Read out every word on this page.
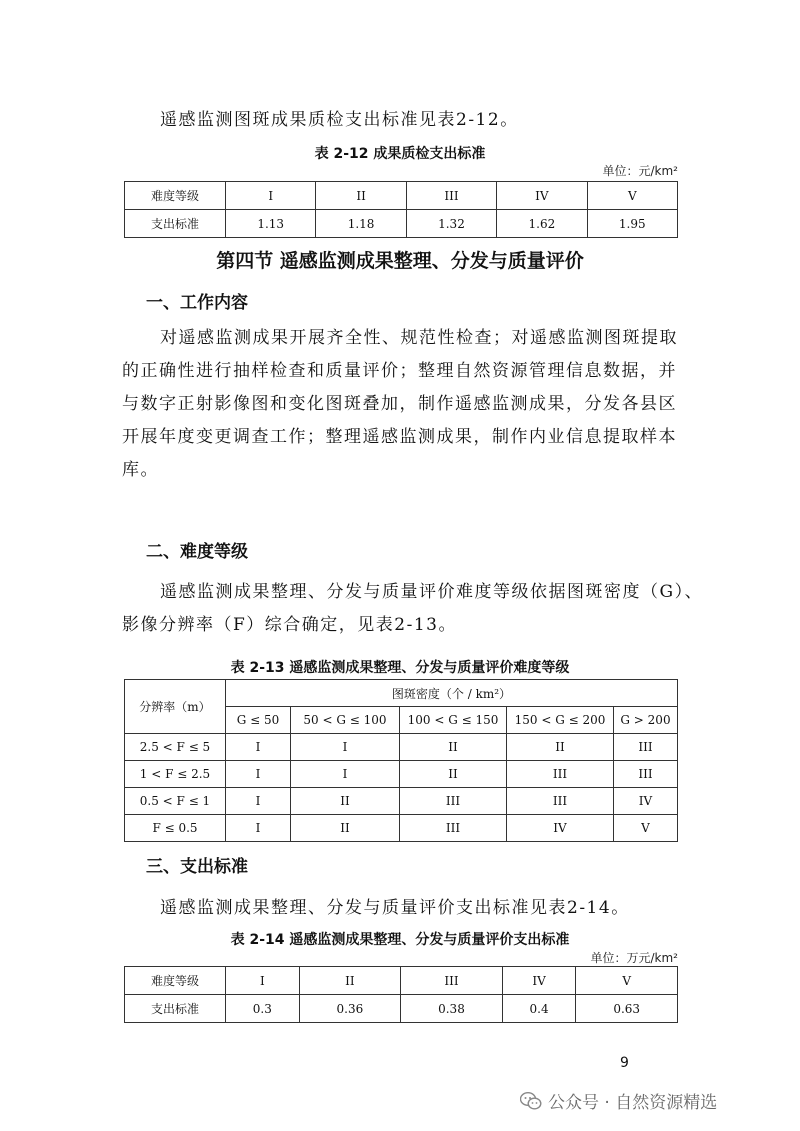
遥感监测图斑成果质检支出标准见表2-12。

表 2-12 成果质检支出标准

单位：元/km²

难度等级	I	II	III	IV	V
支出标准	1.13	1.18	1.32	1.62	1.95

第四节 遥感监测成果整理、分发与质量评价

一、工作内容

对遥感监测成果开展齐全性、规范性检查；对遥感监测图斑提取
的正确性进行抽样检查和质量评价；整理自然资源管理信息数据，并
与数字正射影像图和变化图斑叠加，制作遥感监测成果，分发各县区
开展年度变更调查工作；整理遥感监测成果，制作内业信息提取样本
库。

二、难度等级

遥感监测成果整理、分发与质量评价难度等级依据图斑密度（G）、
影像分辨率（F）综合确定，见表2-13。

表 2-13 遥感监测成果整理、分发与质量评价难度等级

分辨率（m）	图斑密度（个 / km²）				
	G ≤ 50	50 < G ≤ 100	100 < G ≤ 150	150 < G ≤ 200	G > 200
2.5 < F ≤ 5	I	I	II	II	III
1 < F ≤ 2.5	I	I	II	III	III
0.5 < F ≤ 1	I	II	III	III	IV
F ≤ 0.5	I	II	III	IV	V

三、支出标准

遥感监测成果整理、分发与质量评价支出标准见表2-14。

表 2-14 遥感监测成果整理、分发与质量评价支出标准

单位：万元/km²

难度等级	I	II	III	IV	V
支出标准	0.3	0.36	0.38	0.4	0.63

9

公众号 · 自然资源精选
